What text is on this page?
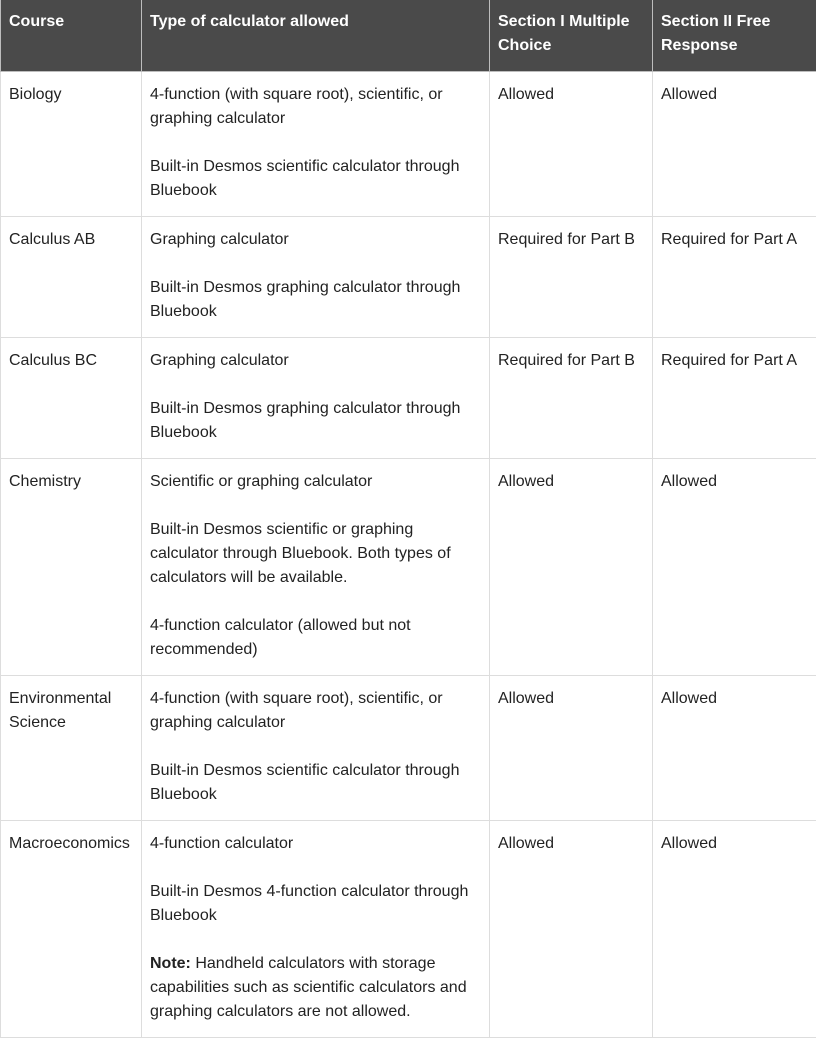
Course	Type of calculator allowed	Section I Multiple Choice	Section II Free Response
Biology	4-function (with square root), scientific, or graphing calculator

Built-in Desmos scientific calculator through Bluebook	Allowed	Allowed
Calculus AB	Graphing calculator

Built-in Desmos graphing calculator through Bluebook	Required for Part B	Required for Part A
Calculus BC	Graphing calculator

Built-in Desmos graphing calculator through Bluebook	Required for Part B	Required for Part A
Chemistry	Scientific or graphing calculator

Built-in Desmos scientific or graphing calculator through Bluebook. Both types of calculators will be available.

4-function calculator (allowed but not recommended)	Allowed	Allowed
Environmental Science	4-function (with square root), scientific, or graphing calculator

Built-in Desmos scientific calculator through Bluebook	Allowed	Allowed
Macroeconomics	4-function calculator

Built-in Desmos 4-function calculator through Bluebook

Note: Handheld calculators with storage capabilities such as scientific calculators and graphing calculators are not allowed.	Allowed	Allowed
